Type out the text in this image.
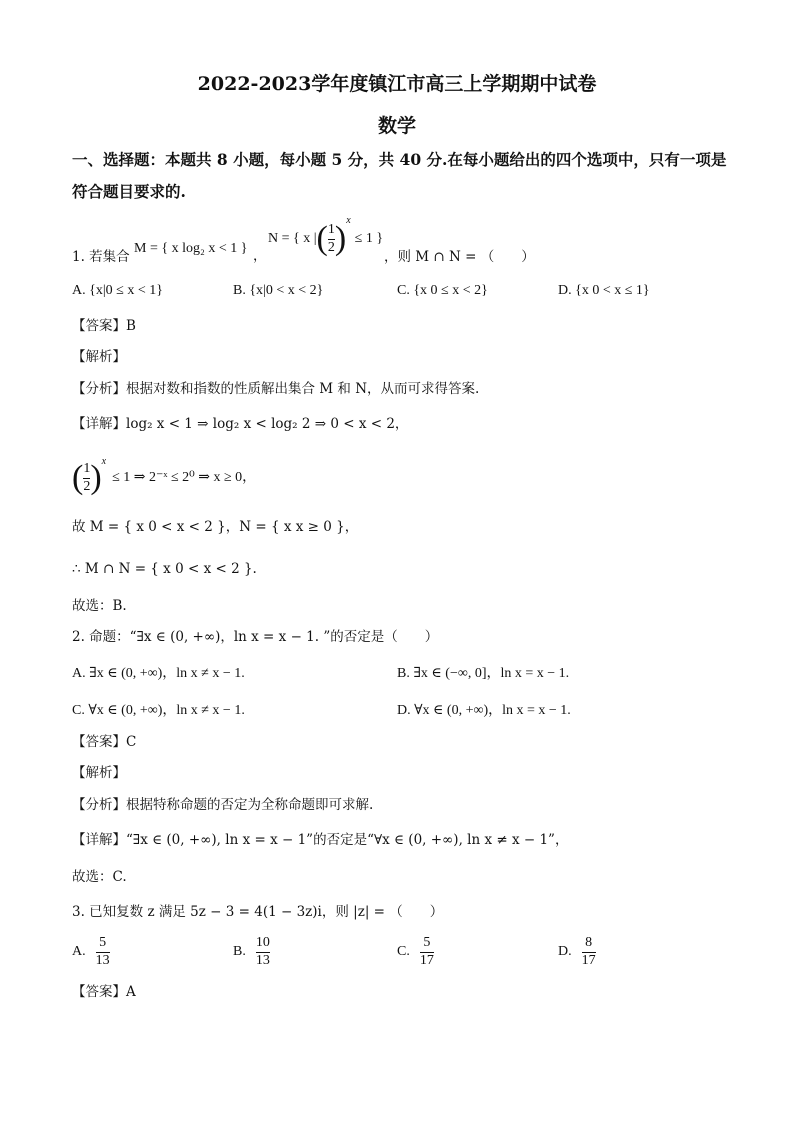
2022-2023学年度镇江市高三上学期期中试卷
数学
一、选择题：本题共 8 小题，每小题 5 分，共 40 分.在每小题给出的四个选项中，只有一项是
符合题目要求的.
1. 若集合
M = { x log₂ x < 1 } ，
N = { x | ( $\frac{1}{2}$ ) x
≤ 1 }
，则 M ∩ N = （　　）
A. {x|0 ≤ x < 1}	B. {x|0 < x < 2}	C. {x 0 ≤ x < 2}	D. {x 0 < x ≤ 1}
【答案】B
【解析】
【分析】根据对数和指数的性质解出集合 M 和 N，从而可求得答案.
【详解】log₂ x < 1 ⇒ log₂ x < log₂ 2 ⇒ 0 < x < 2，
( $\frac{1}{2}$ ) x
≤ 1 ⇒ 2⁻ˣ ≤ 2⁰ ⇒ x ≥ 0，
故 M = { x 0 < x < 2 }，N = { x x ≥ 0 }，
∴ M ∩ N = { x 0 < x < 2 }.
故选：B.
2. 命题：“∃x ∈ (0, +∞)，ln x = x − 1. ”的否定是（　　）
A. ∃x ∈ (0, +∞)，ln x ≠ x − 1.	B. ∃x ∈ (−∞, 0]，ln x = x − 1.
C. ∀x ∈ (0, +∞)，ln x ≠ x − 1.	D. ∀x ∈ (0, +∞)，ln x = x − 1.
【答案】C
【解析】
【分析】根据特称命题的否定为全称命题即可求解.
【详解】“∃x ∈ (0, +∞), ln x = x − 1”的否定是“∀x ∈ (0, +∞), ln x ≠ x − 1”，
故选：C.
3. 已知复数 z 满足 5z − 3 = 4(1 − 3z)i，则 |z| = （　　）
A. $\frac{5}{13}$	B. $\frac{10}{13}$	C. $\frac{5}{17}$	D. $\frac{8}{17}$
【答案】A
